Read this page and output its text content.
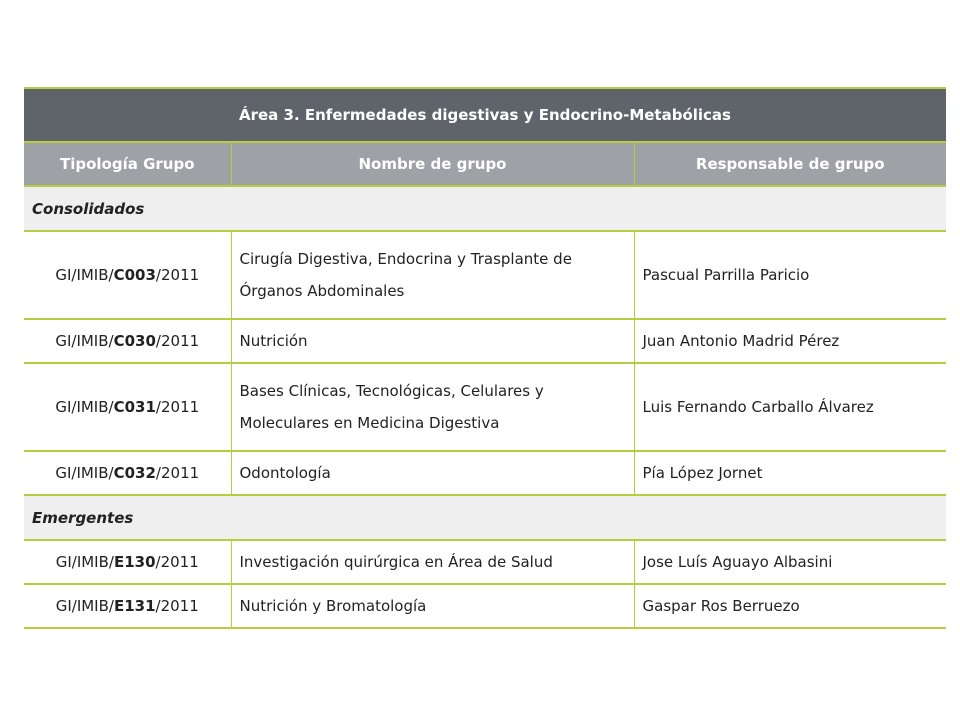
Área 3. Enfermedades digestivas y Endocrino-Metabólicas		
Tipología Grupo	Nombre de grupo	Responsable de grupo
Consolidados		
GI/IMIB/C003/2011	Cirugía Digestiva, Endocrina y Trasplante de Órganos Abdominales	Pascual Parrilla Paricio
GI/IMIB/C030/2011	Nutrición	Juan Antonio Madrid Pérez
GI/IMIB/C031/2011	Bases Clínicas, Tecnológicas, Celulares y Moleculares en Medicina Digestiva	Luis Fernando Carballo Álvarez
GI/IMIB/C032/2011	Odontología	Pía López Jornet
Emergentes		
GI/IMIB/E130/2011	Investigación quirúrgica en Área de Salud	Jose Luís Aguayo Albasini
GI/IMIB/E131/2011	Nutrición y Bromatología	Gaspar Ros Berruezo
